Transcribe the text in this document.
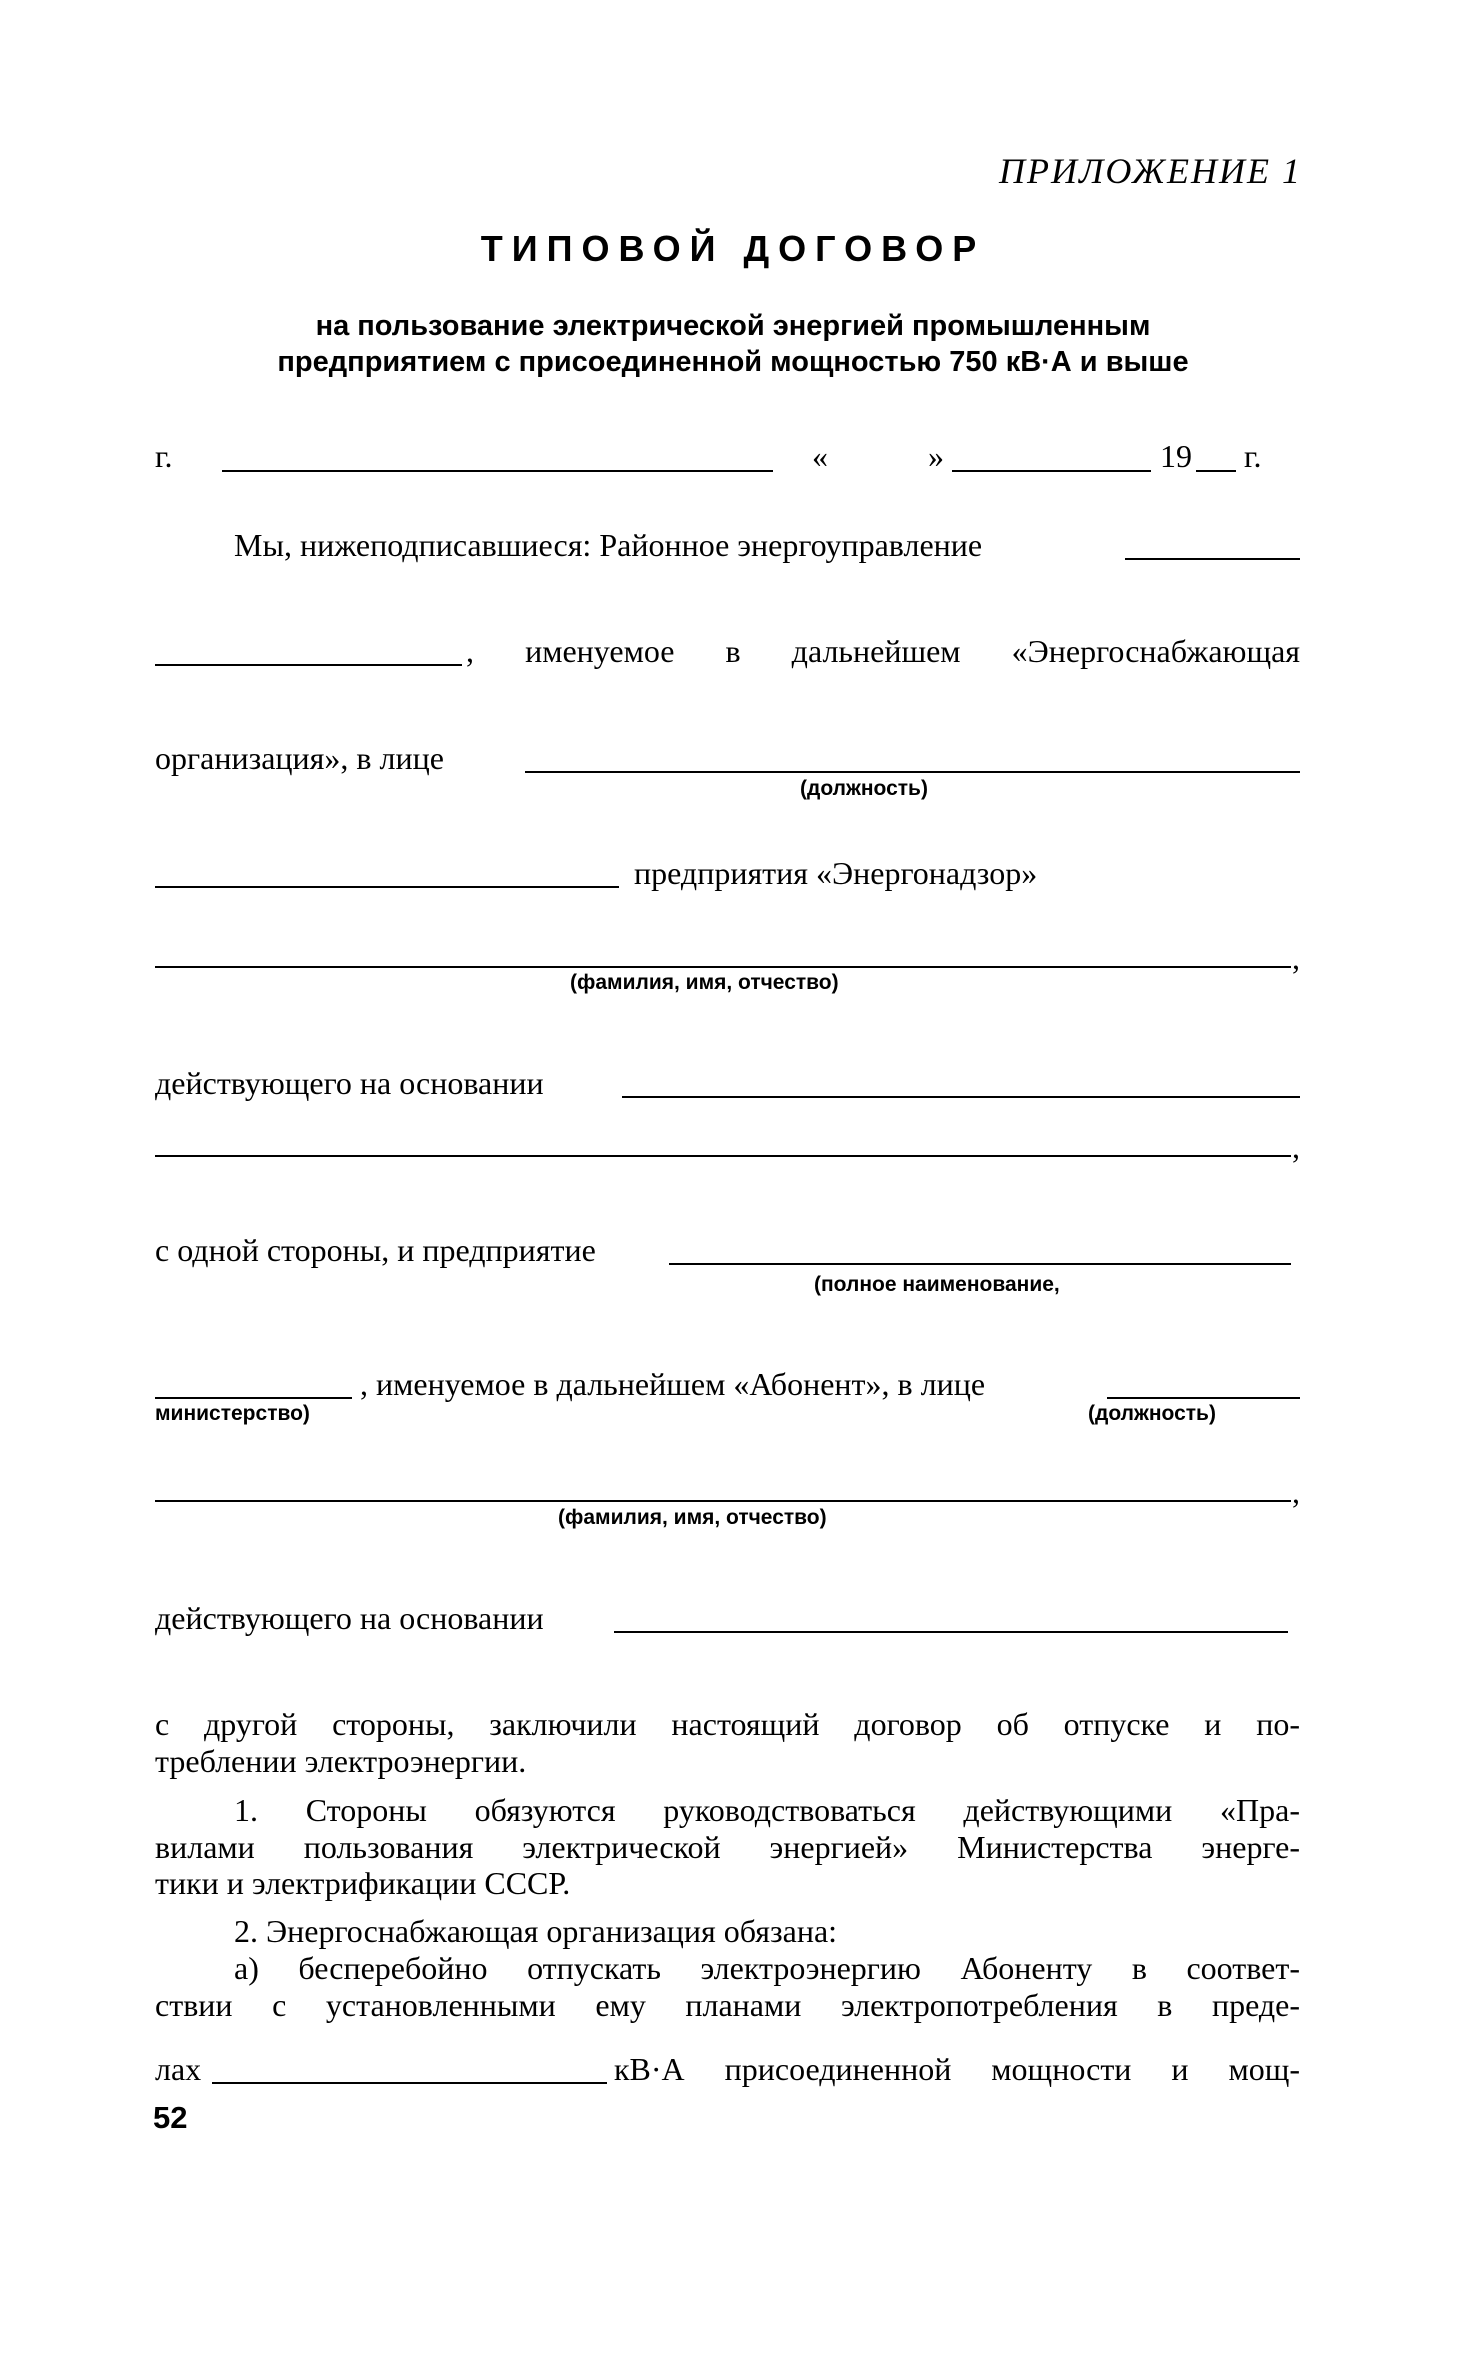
ПРИЛОЖЕНИЕ 1
ТИПОВОЙ ДОГОВОР
на пользование электрической энергией промышленным
предприятием с присоединенной мощностью 750 кВ·А и выше
г.	«	»	19 г.
Мы, нижеподписавшиеся: Районное энергоуправление
, именуемое в дальнейшем «Энергоснабжающая
организация», в лице
(должность)
предприятия «Энергонадзор»
,
(фамилия, имя, отчество)
действующего на основании
,
с одной стороны, и предприятие
(полное наименование,
, именуемое в дальнейшем «Абонент», в лице
министерство)	(должность)
,
(фамилия, имя, отчество)
действующего на основании
с другой стороны, заключили настоящий договор об отпуске и по-
треблении электроэнергии.
1. Стороны обязуются руководствоваться действующими «Пра-
вилами пользования электрической энергией» Министерства энерге-
тики и электрификации СССР.
2. Энергоснабжающая организация обязана:
а) бесперебойно отпускать электроэнергию Абоненту в соответ-
ствии с установленными ему планами электропотребления в преде-
лах	кВ·А присоединенной мощности и мощ-
52
